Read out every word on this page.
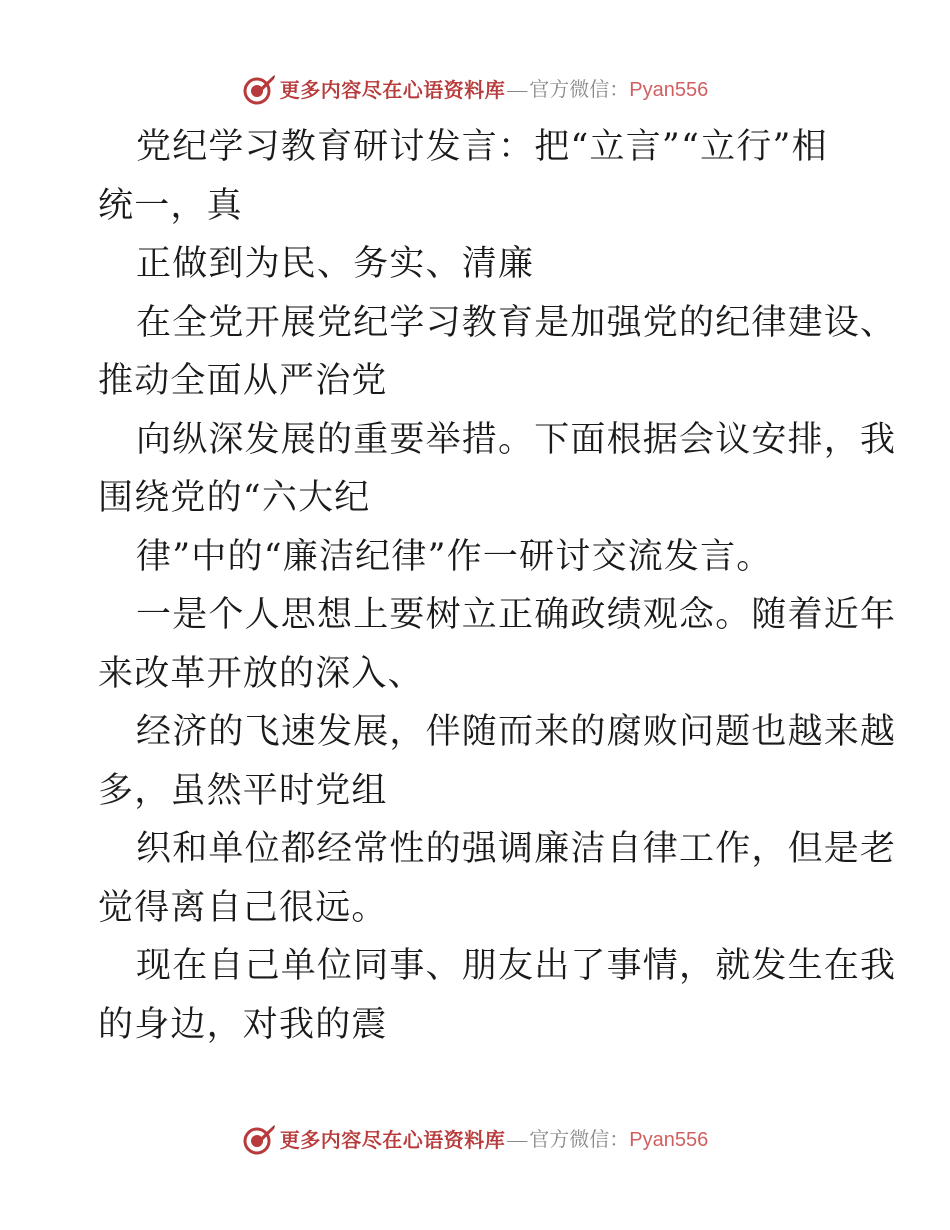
更多内容尽在心语资料库 — 官方微信： Pyan556
党纪学习教育研讨发言：把“立言”“立行”相
统一，真
正做到为民、务实、清廉
在全党开展党纪学习教育是加强党的纪律建设、
推动全面从严治党
向纵深发展的重要举措。下面根据会议安排，我
围绕党的“六大纪
律”中的“廉洁纪律”作一研讨交流发言。
一是个人思想上要树立正确政绩观念。随着近年
来改革开放的深入、
经济的飞速发展，伴随而来的腐败问题也越来越
多，虽然平时党组
织和单位都经常性的强调廉洁自律工作，但是老
觉得离自己很远。
现在自己单位同事、朋友出了事情，就发生在我
的身边，对我的震
更多内容尽在心语资料库 — 官方微信： Pyan556
